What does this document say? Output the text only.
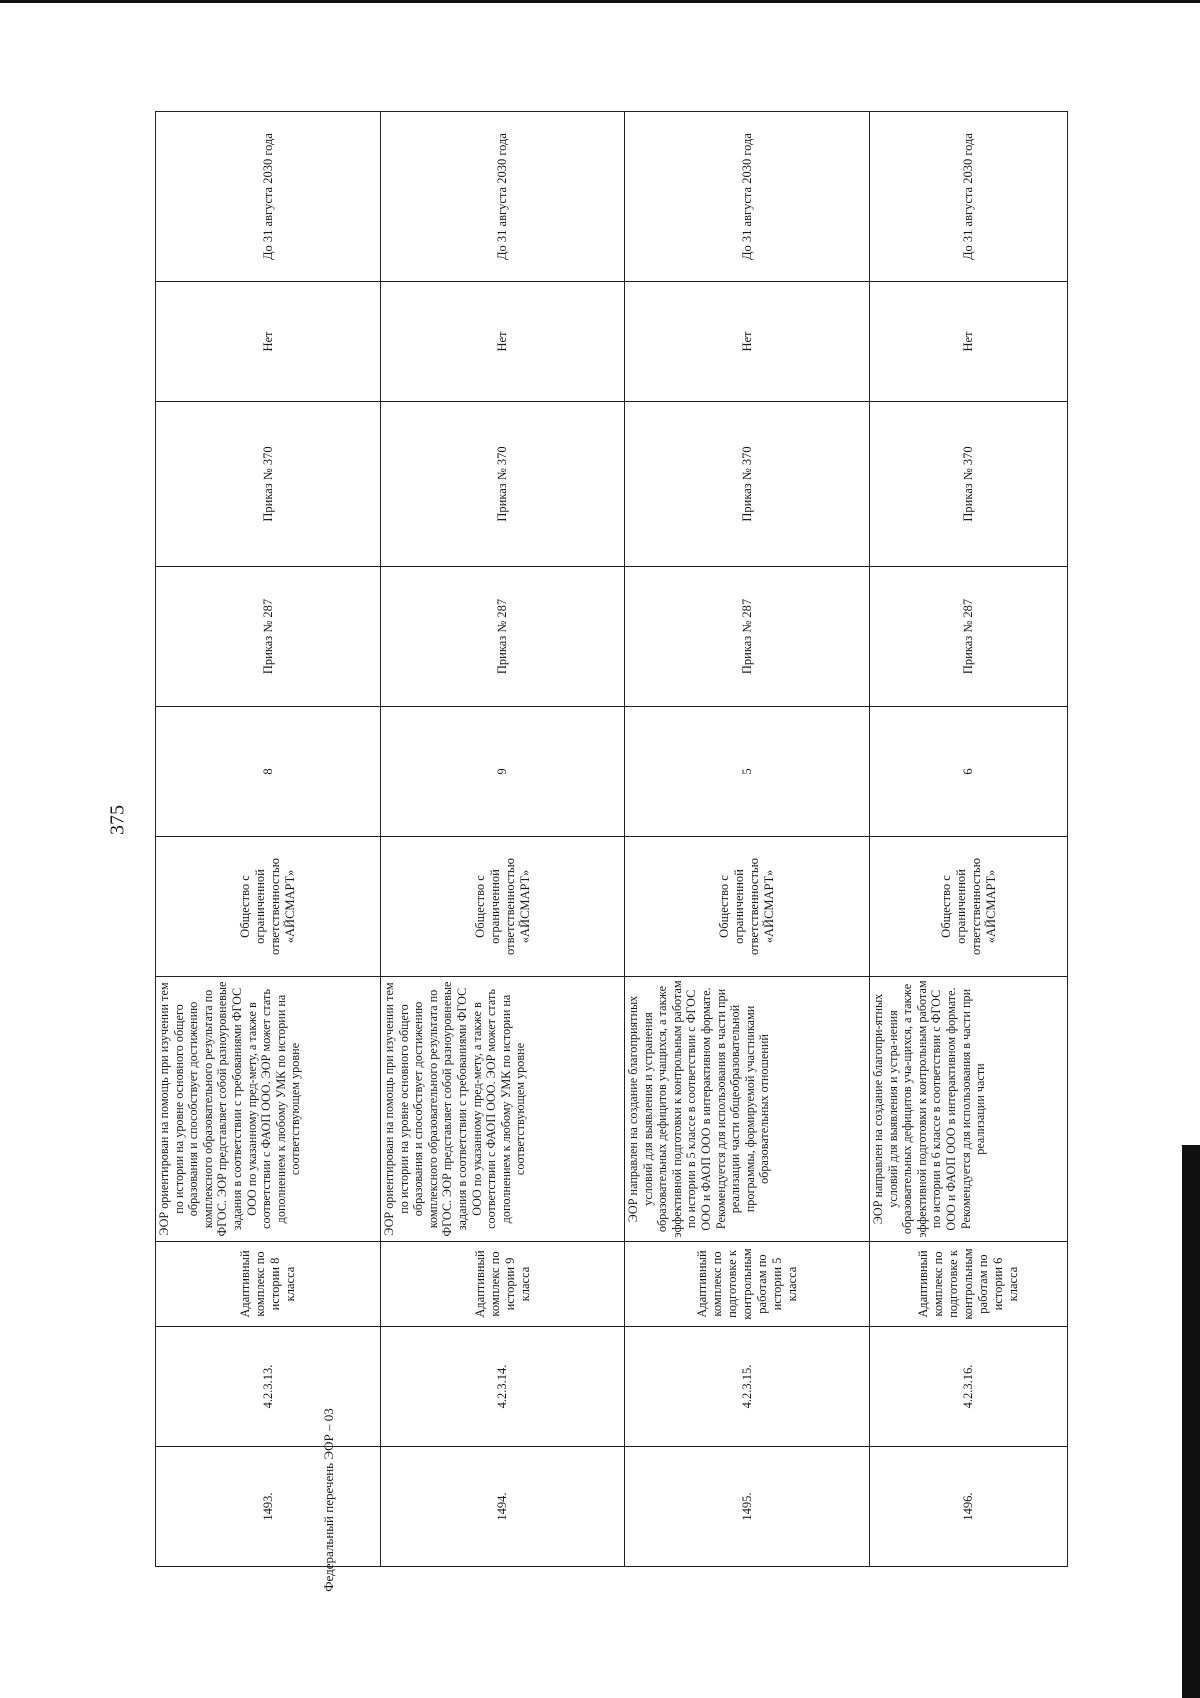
375
1493.	4.2.3.13.	Адаптивный комплекс по истории 8 класса	ЭОР ориентирован на помощь при изучении тем по истории на уровне основного общего образования и способствует достижению комплексного образовательного результата по ФГОС. ЭОР представляет собой разноуровневые задания в соответствии с требованиями ФГОС ООО по указанному пред-мету, а также в соответствии с ФАОП ООО. ЭОР может стать дополнением к любому УМК по истории на соответствующем уровне	Общество с ограниченной ответственностью «АЙСМАРТ»	8	Приказ № 287	Приказ № 370	Нет	До 31 августа 2030 года
1494.	4.2.3.14.	Адаптивный комплекс по истории 9 класса	ЭОР ориентирован на помощь при изучении тем по истории на уровне основного общего образования и способствует достижению комплексного образовательного результата по ФГОС. ЭОР представляет собой разноуровневые задания в соответствии с требованиями ФГОС ООО по указанному пред-мету, а также в соответствии с ФАОП ООО. ЭОР может стать дополнением к любому УМК по истории на соответствующем уровне	Общество с ограниченной ответственностью «АЙСМАРТ»	9	Приказ № 287	Приказ № 370	Нет	До 31 августа 2030 года
1495.	4.2.3.15.	Адаптивный комплекс по подготовке к контрольным работам по истории 5 класса	ЭОР направлен на создание благоприятных условий для выявления и устранения образовательных дефицитов учащихся, а также эффективной подготовки к контрольным работам по истории в 5 классе в соответствии с ФГОС ООО и ФАОП ООО в интерактивном формате. Рекомендуется для использования в части при реализации части общеобразовательной программы, формируемой участниками образовательных отношений	Общество с ограниченной ответственностью «АЙСМАРТ»	5	Приказ № 287	Приказ № 370	Нет	До 31 августа 2030 года
1496.	4.2.3.16.	Адаптивный комплекс по подготовке к контрольным работам по истории 6 класса	ЭОР направлен на создание благопри-ятных условий для выявления и устра-нения образовательных дефицитов уча-щихся, а также эффективной подготовки к контрольным работам по истории в 6 классе в соответствии с ФГОС ООО и ФАОП ООО в интерактивном формате. Рекомендуется для использования в части при реализации части	Общество с ограниченной ответственностью «АЙСМАРТ»	6	Приказ № 287	Приказ № 370	Нет	До 31 августа 2030 года
Федеральный перечень ЭОР – 03
